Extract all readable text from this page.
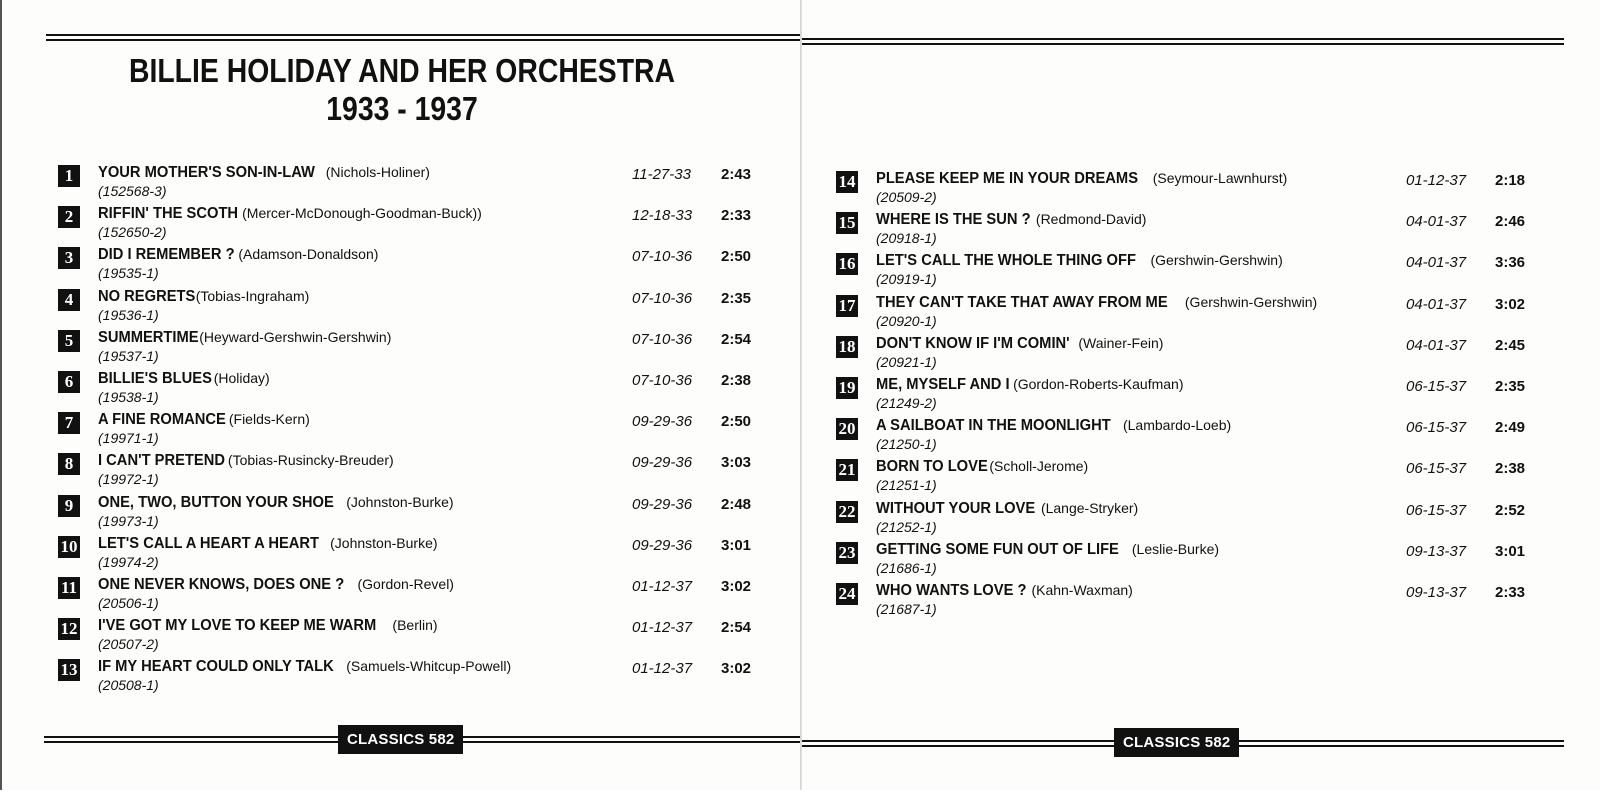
BILLIE HOLIDAY AND HER ORCHESTRA
1933 - 1937
1	YOUR MOTHER'S SON-IN-LAW (Nichols-Holiner)
(152568-3)
11-27-33 2:43
2	RIFFIN' THE SCOTH (Mercer-McDonough-Goodman-Buck))
(152650-2)
12-18-33 2:33
3	DID I REMEMBER ? (Adamson-Donaldson)
(19535-1)
07-10-36 2:50
4	NO REGRETS (Tobias-Ingraham)
(19536-1)
07-10-36 2:35
5	SUMMERTIME (Heyward-Gershwin-Gershwin)
(19537-1)
07-10-36 2:54
6	BILLIE'S BLUES (Holiday)
(19538-1)
07-10-36 2:38
7	A FINE ROMANCE (Fields-Kern)
(19971-1)
09-29-36 2:50
8	I CAN'T PRETEND (Tobias-Rusincky-Breuder)
(19972-1)
09-29-36 3:03
9	ONE, TWO, BUTTON YOUR SHOE (Johnston-Burke)
(19973-1)
09-29-36 2:48
10 LET'S CALL A HEART A HEART (Johnston-Burke)
(19974-2)
09-29-36 3:01
11 ONE NEVER KNOWS, DOES ONE ? (Gordon-Revel)
(20506-1)
01-12-37 3:02
12 I'VE GOT MY LOVE TO KEEP ME WARM (Berlin)
(20507-2)
01-12-37 2:54
13 IF MY HEART COULD ONLY TALK (Samuels-Whitcup-Powell)
(20508-1)
01-12-37 3:02
CLASSICS 582
14 PLEASE KEEP ME IN YOUR DREAMS (Seymour-Lawnhurst)
(20509-2)
01-12-37 2:18
15 WHERE IS THE SUN ? (Redmond-David)
(20918-1)
04-01-37 2:46
16 LET'S CALL THE WHOLE THING OFF (Gershwin-Gershwin)
(20919-1)
04-01-37 3:36
17 THEY CAN'T TAKE THAT AWAY FROM ME (Gershwin-Gershwin)
(20920-1)
04-01-37 3:02
18 DON'T KNOW IF I'M COMIN' (Wainer-Fein)
(20921-1)
04-01-37 2:45
19 ME, MYSELF AND I (Gordon-Roberts-Kaufman)
(21249-2)
06-15-37 2:35
20 A SAILBOAT IN THE MOONLIGHT (Lambardo-Loeb)
(21250-1)
06-15-37 2:49
21 BORN TO LOVE (Scholl-Jerome)
(21251-1)
06-15-37 2:38
22 WITHOUT YOUR LOVE (Lange-Stryker)
(21252-1)
06-15-37 2:52
23 GETTING SOME FUN OUT OF LIFE (Leslie-Burke)
(21686-1)
09-13-37 3:01
24 WHO WANTS LOVE ? (Kahn-Waxman)
(21687-1)
09-13-37 2:33
CLASSICS 582
